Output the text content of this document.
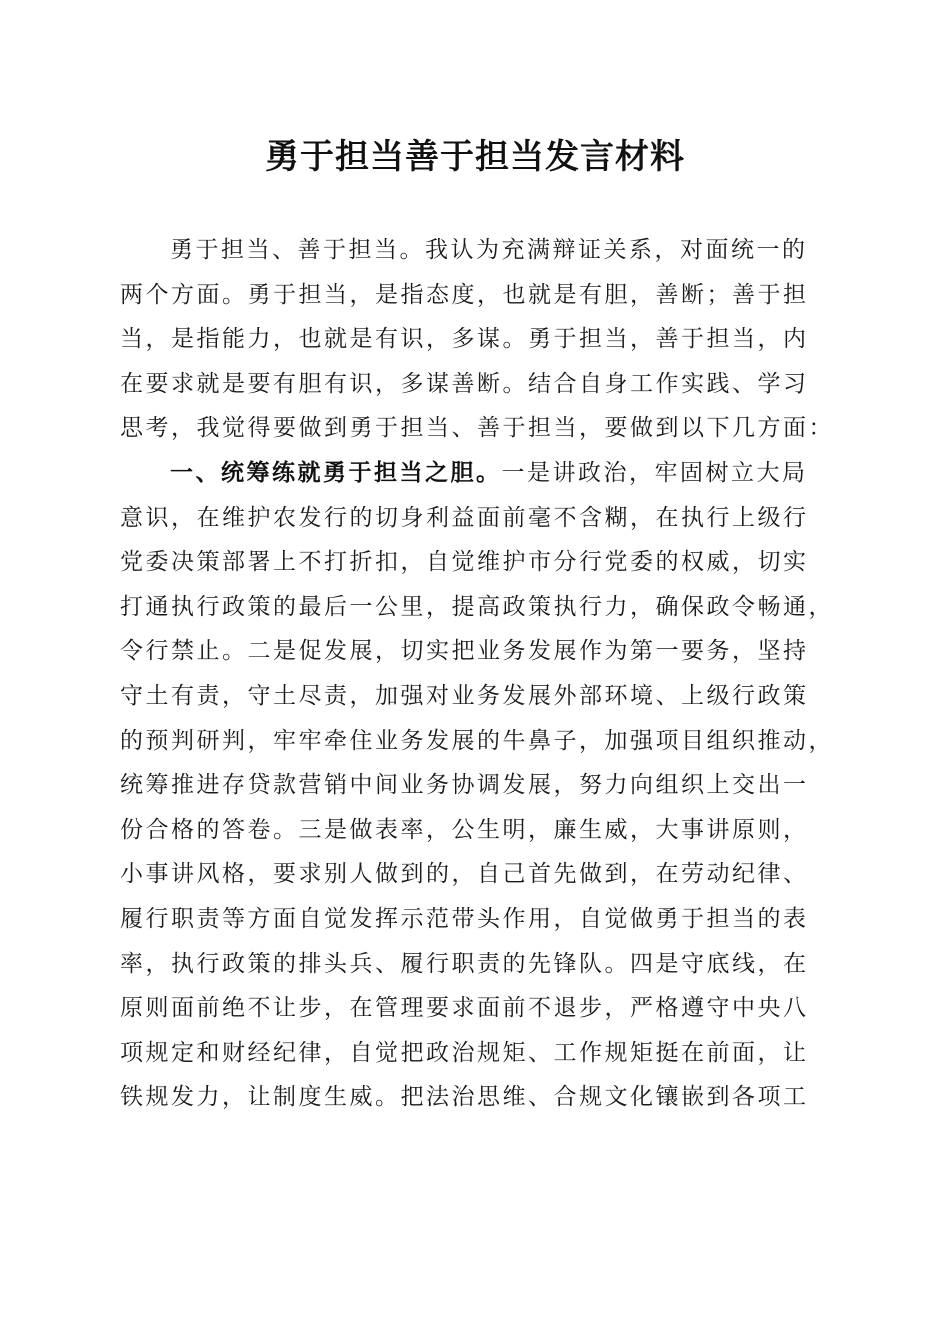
勇于担当善于担当发言材料
勇于担当、善于担当。我认为充满辩证关系，对面统一的
两个方面。勇于担当，是指态度，也就是有胆，善断；善于担
当，是指能力，也就是有识，多谋。勇于担当，善于担当，内
在要求就是要有胆有识，多谋善断。结合自身工作实践、学习
思考，我觉得要做到勇于担当、善于担当，要做到以下几方面：
一、统筹练就勇于担当之胆。一是讲政治，牢固树立大局
意识，在维护农发行的切身利益面前毫不含糊，在执行上级行
党委决策部署上不打折扣，自觉维护市分行党委的权威，切实
打通执行政策的最后一公里，提高政策执行力，确保政令畅通，
令行禁止。二是促发展，切实把业务发展作为第一要务，坚持
守土有责，守土尽责，加强对业务发展外部环境、上级行政策
的预判研判，牢牢牵住业务发展的牛鼻子，加强项目组织推动，
统筹推进存贷款营销中间业务协调发展，努力向组织上交出一
份合格的答卷。三是做表率，公生明，廉生威，大事讲原则，
小事讲风格，要求别人做到的，自己首先做到，在劳动纪律、
履行职责等方面自觉发挥示范带头作用，自觉做勇于担当的表
率，执行政策的排头兵、履行职责的先锋队。四是守底线，在
原则面前绝不让步，在管理要求面前不退步，严格遵守中央八
项规定和财经纪律，自觉把政治规矩、工作规矩挺在前面，让
铁规发力，让制度生威。把法治思维、合规文化镶嵌到各项工
